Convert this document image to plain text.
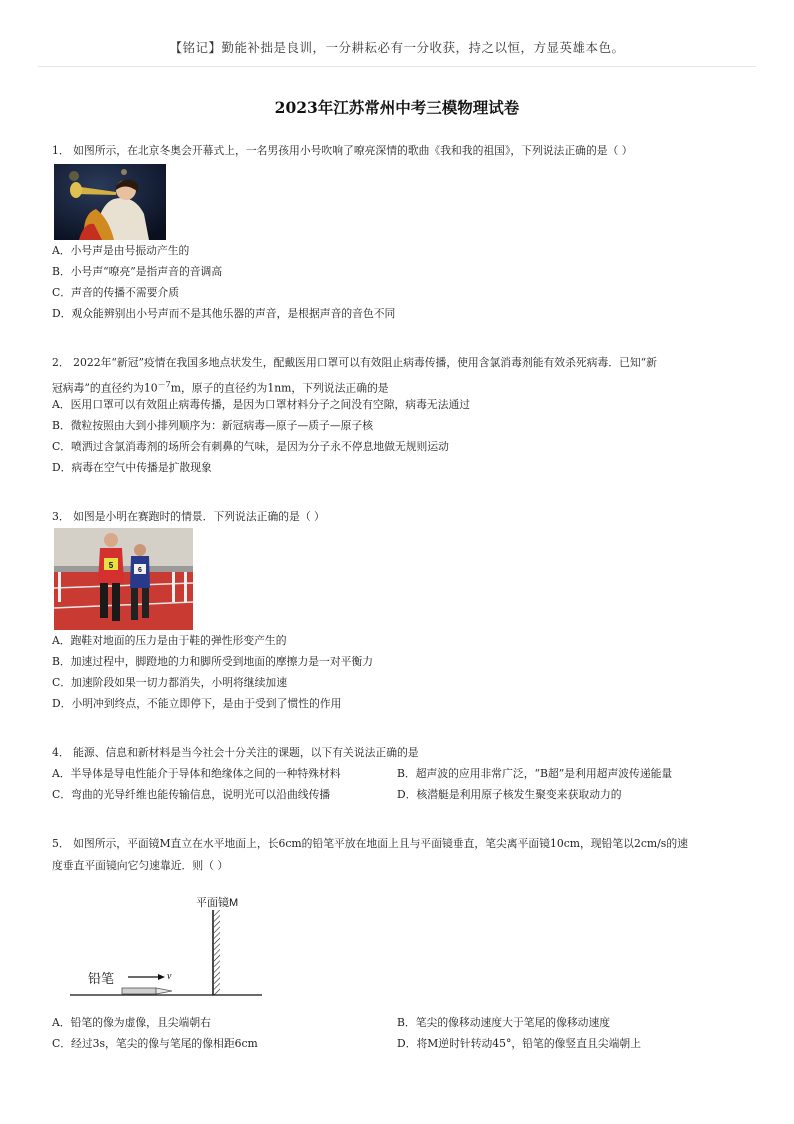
【铭记】勤能补拙是良训，一分耕耘必有一分收获，持之以恒，方显英雄本色。
2023年江苏常州中考三模物理试卷
1． 如图所示，在北京冬奥会开幕式上，一名男孩用小号吹响了嘹亮深情的歌曲《我和我的祖国》，下列说法正确的是（ ）
A．小号声是由号振动产生的
B．小号声“嘹亮”是指声音的音调高
C．声音的传播不需要介质
D．观众能辨别出小号声而不是其他乐器的声音，是根据声音的音色不同
2． 2022年“新冠”疫情在我国多地点状发生，配戴医用口罩可以有效阻止病毒传播，使用含氯消毒剂能有效杀死病毒．已知“新
冠病毒”的直径约为$10^{-7}m$，原子的直径约为1nm，下列说法正确的是
A．医用口罩可以有效阻止病毒传播，是因为口罩材料分子之间没有空隙，病毒无法通过
B．微粒按照由大到小排列顺序为：新冠病毒—原子—质子—原子核
C．喷洒过含氯消毒剂的场所会有刺鼻的气味，是因为分子永不停息地做无规则运动
D．病毒在空气中传播是扩散现象
3． 如图是小明在赛跑时的情景．下列说法正确的是（ ）
5
6
A．跑鞋对地面的压力是由于鞋的弹性形变产生的
B．加速过程中，脚蹬地的力和脚所受到地面的摩擦力是一对平衡力
C．加速阶段如果一切力都消失，小明将继续加速
D．小明冲到终点，不能立即停下，是由于受到了惯性的作用
4． 能源、信息和新材料是当今社会十分关注的课题，以下有关说法正确的是
A．半导体是导电性能介于导体和绝缘体之间的一种特殊材料	B．超声波的应用非常广泛，“B超”是利用超声波传递能量
C．弯曲的光导纤维也能传输信息，说明光可以沿曲线传播	D．核潜艇是利用原子核发生聚变来获取动力的
5． 如图所示，平面镜M直立在水平地面上，长6cm的铅笔平放在地面上且与平面镜垂直，笔尖离平面镜10cm，现铅笔以2cm/s的速
度垂直平面镜向它匀速靠近．则（ ）
平面镜M
铅笔	v
A．铅笔的像为虚像，且尖端朝右	B．笔尖的像移动速度大于笔尾的像移动速度
C．经过3s，笔尖的像与笔尾的像相距6cm	D．将M逆时针转动45°，铅笔的像竖直且尖端朝上
